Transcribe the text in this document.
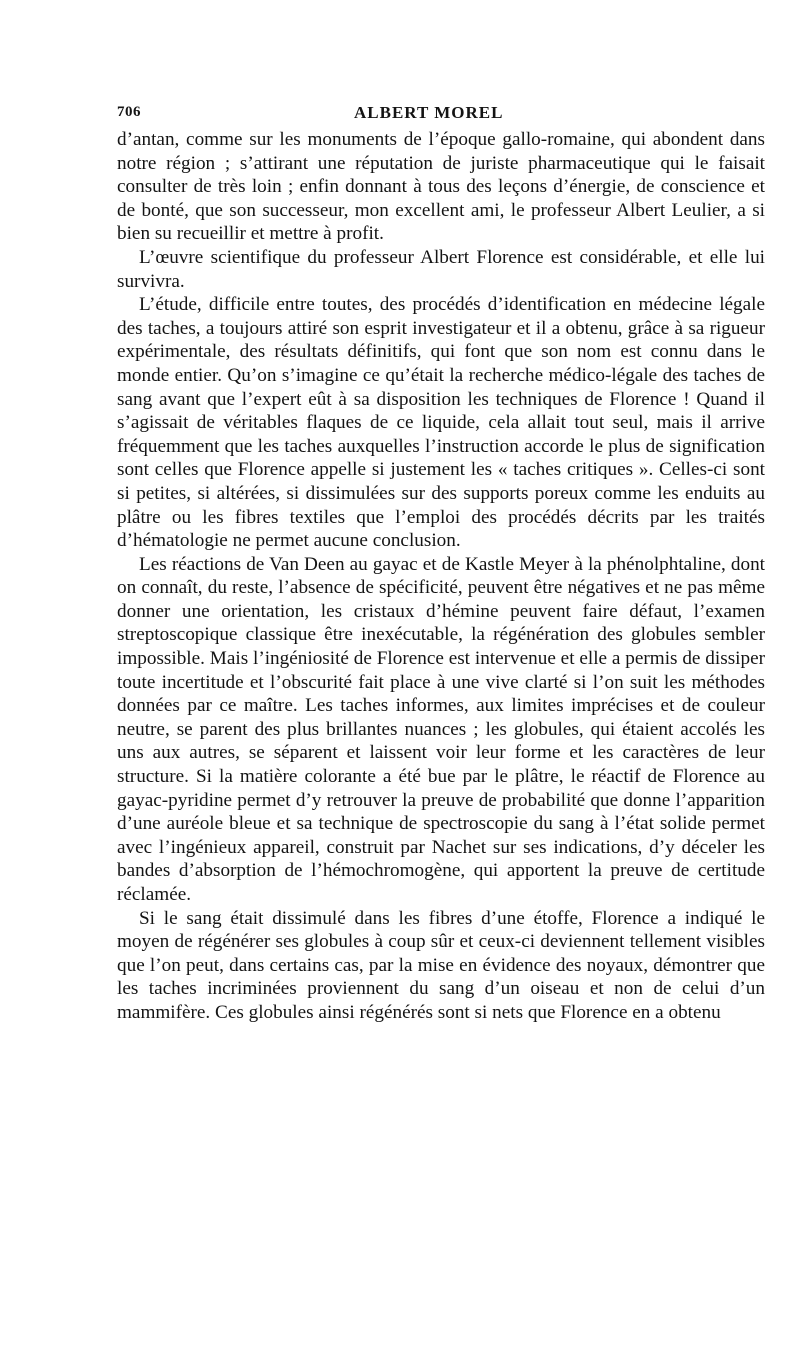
706	ALBERT MOREL

d’antan, comme sur les monuments de l’époque gallo-romaine, qui abondent dans notre région ; s’attirant une réputation de juriste pharmaceutique qui le faisait consulter de très loin ; enfin donnant à tous des leçons d’énergie, de conscience et de bonté, que son successeur, mon excellent ami, le professeur Albert Leulier, a si bien su recueillir et mettre à profit.

L’œuvre scientifique du professeur Albert Florence est considérable, et elle lui survivra.

L’étude, difficile entre toutes, des procédés d’identification en médecine légale des taches, a toujours attiré son esprit investigateur et il a obtenu, grâce à sa rigueur expérimentale, des résultats définitifs, qui font que son nom est connu dans le monde entier. Qu’on s’imagine ce qu’était la recherche médico-légale des taches de sang avant que l’expert eût à sa disposition les techniques de Florence ! Quand il s’agissait de véritables flaques de ce liquide, cela allait tout seul, mais il arrive fréquemment que les taches auxquelles l’instruction accorde le plus de signification sont celles que Florence appelle si justement les « taches critiques ». Celles-ci sont si petites, si altérées, si dissimulées sur des supports poreux comme les enduits au plâtre ou les fibres textiles que l’emploi des procédés décrits par les traités d’hématologie ne permet aucune conclusion.

Les réactions de Van Deen au gayac et de Kastle Meyer à la phénolphtaline, dont on connaît, du reste, l’absence de spécificité, peuvent être négatives et ne pas même donner une orientation, les cristaux d’hémine peuvent faire défaut, l’examen streptoscopique classique être inexécutable, la régénération des globules sembler impossible. Mais l’ingéniosité de Florence est intervenue et elle a permis de dissiper toute incertitude et l’obscurité fait place à une vive clarté si l’on suit les méthodes données par ce maître. Les taches informes, aux limites imprécises et de couleur neutre, se parent des plus brillantes nuances ; les globules, qui étaient accolés les uns aux autres, se séparent et laissent voir leur forme et les caractères de leur structure. Si la matière colorante a été bue par le plâtre, le réactif de Florence au gayac-pyridine permet d’y retrouver la preuve de probabilité que donne l’apparition d’une auréole bleue et sa technique de spectroscopie du sang à l’état solide permet avec l’ingénieux appareil, construit par Nachet sur ses indications, d’y déceler les bandes d’absorption de l’hémochromogène, qui apportent la preuve de certitude réclamée.

Si le sang était dissimulé dans les fibres d’une étoffe, Florence a indiqué le moyen de régénérer ses globules à coup sûr et ceux-ci deviennent tellement visibles que l’on peut, dans certains cas, par la mise en évidence des noyaux, démontrer que les taches incriminées proviennent du sang d’un oiseau et non de celui d’un mammifère. Ces globules ainsi régénérés sont si nets que Florence en a obtenu
